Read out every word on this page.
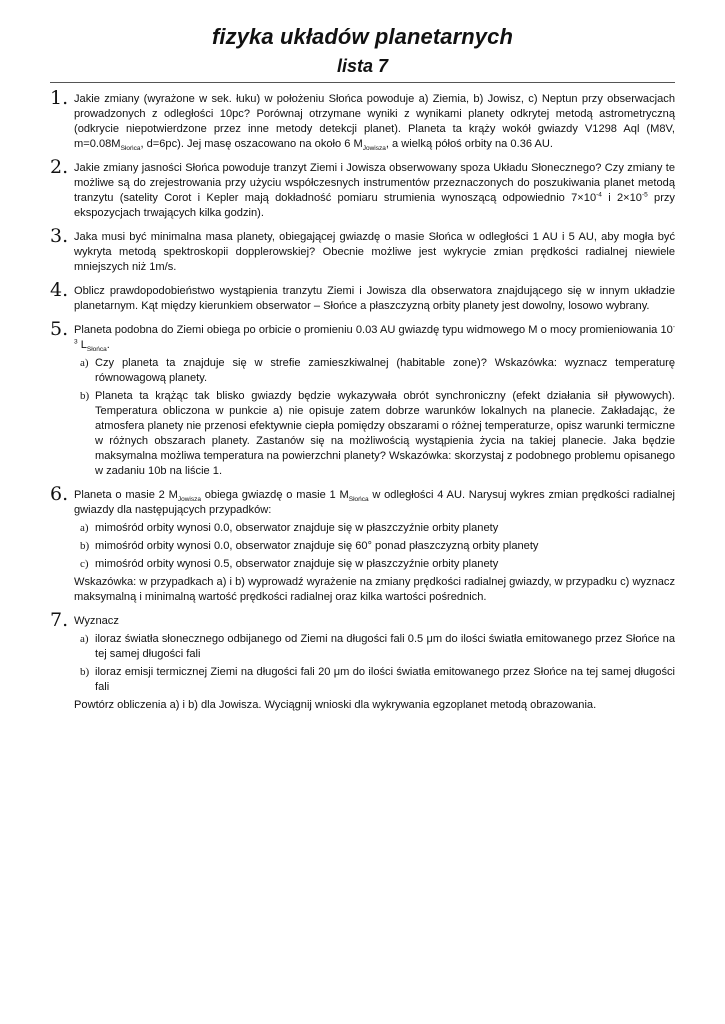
fizyka układów planetarnych
lista 7
1. Jakie zmiany (wyrażone w sek. łuku) w położeniu Słońca powoduje a) Ziemia, b) Jowisz, c) Neptun przy obserwacjach prowadzonych z odległości 10pc? Porównaj otrzymane wyniki z wynikami planety odkrytej metodą astrometryczną (odkrycie niepotwierdzone przez inne metody detekcji planet). Planeta ta krąży wokół gwiazdy V1298 Aql (M8V, $m=0.08M_{Słońca}$, d=6pc). Jej masę oszacowano na około 6 $M_{Jowisza}$, a wielką półoś orbity na 0.36 AU.

2. Jakie zmiany jasności Słońca powoduje tranzyt Ziemi i Jowisza obserwowany spoza Układu Słonecznego? Czy zmiany te możliwe są do zrejestrowania przy użyciu współczesnych instrumentów przeznaczonych do poszukiwania planet metodą tranzytu (satelity Corot i Kepler mają dokładność pomiaru strumienia wynoszącą odpowiednio $7\times 10^{-4}$ i $2\times 10^{-5}$ przy ekspozycjach trwających kilka godzin).

3. Jaka musi być minimalna masa planety, obiegającej gwiazdę o masie Słońca w odległości 1 AU i 5 AU, aby mogła być wykryta metodą spektroskopii dopplerowskiej? Obecnie możliwe jest wykrycie zmian prędkości radialnej niewiele mniejszych niż 1m/s.

4. Oblicz prawdopodobieństwo wystąpienia tranzytu Ziemi i Jowisza dla obserwatora znajdującego się w innym układzie planetarnym. Kąt między kierunkiem obserwator – Słońce a płaszczyzną orbity planety jest dowolny, losowo wybrany.

5. Planeta podobna do Ziemi obiega po orbicie o promieniu 0.03 AU gwiazdę typu widmowego M o mocy promieniowania $10^{-3}$ $L_{Słońca}$.

a) Czy planeta ta znajduje się w strefie zamieszkiwalnej (habitable zone)? Wskazówka: wyznacz temperaturę równowagową planety.

b) Planeta ta krążąc tak blisko gwiazdy będzie wykazywała obrót synchroniczny (efekt działania sił pływowych). Temperatura obliczona w punkcie a) nie opisuje zatem dobrze warunków lokalnych na planecie. Zakładając, że atmosfera planety nie przenosi efektywnie ciepła pomiędzy obszarami o różnej temperaturze, opisz warunki termiczne w różnych obszarach planety. Zastanów się na możliwością wystąpienia życia na takiej planecie. Jaka będzie maksymalna możliwa temperatura na powierzchni planety? Wskazówka: skorzystaj z podobnego problemu opisanego w zadaniu 10b na liście 1.

6. Planeta o masie 2 $M_{Jowisza}$ obiega gwiazdę o masie 1 $M_{Słońca}$ w odległości 4 AU. Narysuj wykres zmian prędkości radialnej gwiazdy dla następujących przypadków:

a) mimośród orbity wynosi 0.0, obserwator znajduje się w płaszczyźnie orbity planety

b) mimośród orbity wynosi 0.0, obserwator znajduje się 60° ponad płaszczyzną orbity planety

c) mimośród orbity wynosi 0.5, obserwator znajduje się w płaszczyźnie orbity planety

Wskazówka: w przypadkach a) i b) wyprowadź wyrażenie na zmiany prędkości radialnej gwiazdy, w przypadku c) wyznacz maksymalną i minimalną wartość prędkości radialnej oraz kilka wartości pośrednich.

7. Wyznacz

a) iloraz światła słonecznego odbijanego od Ziemi na długości fali 0.5 μm do ilości światła emitowanego przez Słońce na tej samej długości fali

b) iloraz emisji termicznej Ziemi na długości fali 20 μm do ilości światła emitowanego przez Słońce na tej samej długości fali

Powtórz obliczenia a) i b) dla Jowisza. Wyciągnij wnioski dla wykrywania egzoplanet metodą obrazowania.
